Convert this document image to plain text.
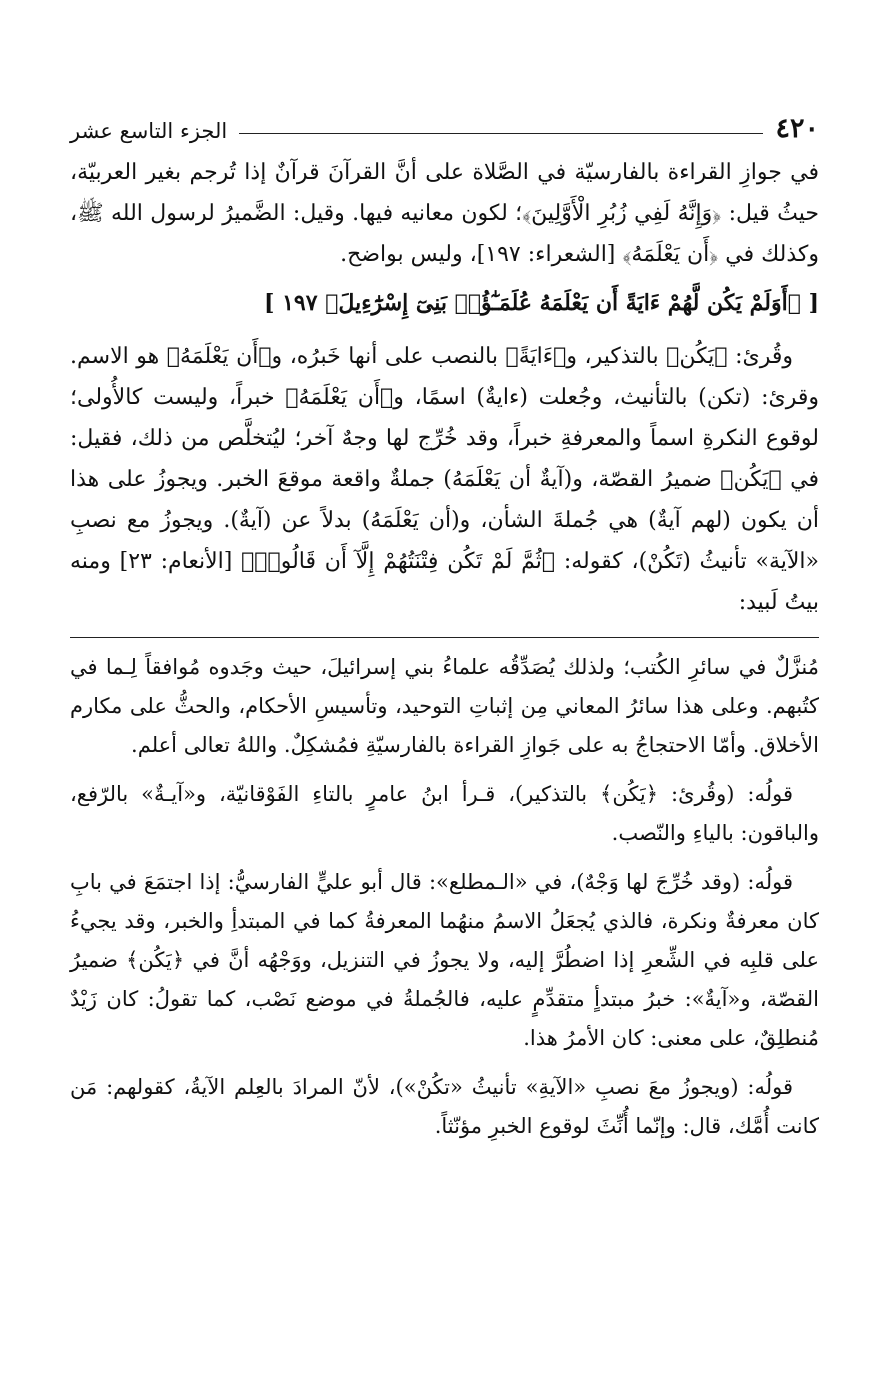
٤٢٠
الجزء التاسع عشر

في جوازِ القراءة بالفارسيّة في الصَّلاة على أنَّ القرآنَ قرآنٌ إذا تُرجم بغير العربيّة، حيثُ قيل: ﴿وَإِنَّهُ لَفِي زُبُرِ الْأَوَّلِينَ﴾؛ لكون معانيه فيها. وقيل: الضَّميرُ لرسول الله ﷺ، وكذلك في ﴿أَن يَعْلَمَهُ﴾ [الشعراء: ١٩٧]، وليس بواضح.

[ ﴿أَوَلَمْ يَكُن لَّهُمْ ءَايَةً أَن يَعْلَمَهُ عُلَمَـٰٓؤُا۟ بَنِىٓ إِسْرَٰٓءِيلَ﴾ ١٩٧ ]

وقُرئ: ﴿يَكُن﴾ بالتذكير، و﴿ءَايَةً﴾ بالنصب على أنها خَبرُه، و﴿أَن يَعْلَمَهُ﴾ هو الاسم. وقرئ: (تكن) بالتأنيث، وجُعلت (ءايةٌ) اسمًا، و﴿أَن يَعْلَمَهُ﴾ خبراً، وليست كالأُولى؛ لوقوع النكرةِ اسماً والمعرفةِ خبراً، وقد خُرِّج لها وجهٌ آخر؛ ليُتخلَّص من ذلك، فقيل: في ﴿يَكُن﴾ ضميرُ القصّة، و(آيةٌ أن يَعْلَمَهُ) جملةٌ واقعة موقعَ الخبر. ويجوزُ على هذا أن يكون (لهم آيةٌ) هي جُملةَ الشأن، و(أن يَعْلَمَهُ) بدلاً عن (آيةٌ). ويجوزُ مع نصبِ «الآية» تأنيثُ (تَكُنْ)، كقوله: ﴿ثُمَّ لَمْ تَكُن فِتْنَتُهُمْ إِلَّآ أَن قَالُوا۟﴾ [الأنعام: ٢٣] ومنه بيتُ لَبيد:

مُنزَّلٌ في سائرِ الكُتب؛ ولذلك يُصَدِّقُه علماءُ بني إسرائيلَ، حيث وجَدوه مُوافقاً لِـما في كتُبهم. وعلى هذا سائرُ المعاني مِن إثباتِ التوحيد، وتأسيسِ الأحكام، والحثُّ على مكارم الأخلاق. وأمّا الاحتجاجُ به على جَوازِ القراءة بالفارسيّةِ فمُشكِلٌ. واللهُ تعالى أعلم.

قولُه: (وقُرئ: ﴿يَكُن﴾ بالتذكير)، قـرأ ابنُ عامرٍ بالتاءِ الفَوْقانيّة، و«آيـةٌ» بالرّفع، والباقون: بالياءِ والنّصب.

قولُه: (وقد خُرِّجَ لها وَجْهٌ)، في «الـمطلع»: قال أبو عليٍّ الفارسيُّ: إذا اجتمَعَ في بابِ كان معرفةٌ ونكرة، فالذي يُجعَلُ الاسمُ منهُما المعرفةُ كما في المبتدأِ والخبر، وقد يجيءُ على قلبِه في الشِّعرِ إذا اضطُرَّ إليه، ولا يجوزُ في التنزيل، ووَجْهُه أنَّ في ﴿يَكُن﴾ ضميرُ القصّة، و«آيةٌ»: خبرُ مبتدأٍ متقدِّمٍ عليه، فالجُملةُ في موضع نَصْب، كما تقولُ: كان زَيْدٌ مُنطلِقٌ، على معنى: كان الأمرُ هذا.

قولُه: (ويجوزُ معَ نصبِ «الآيةِ» تأنيثُ «تكُنْ»)، لأنّ المرادَ بالعِلم الآيةُ، كقولهم: مَن كانت أُمَّك، قال: وإنّما أُنِّثَ لوقوع الخبرِ مؤنّثاً.
